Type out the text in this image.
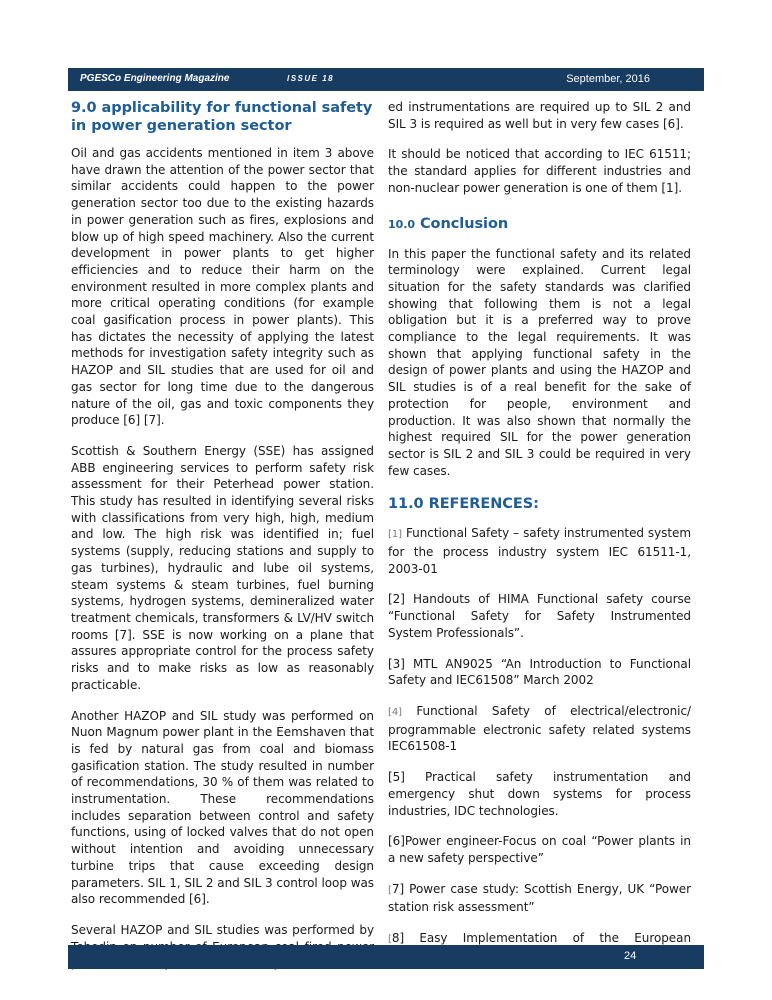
PGESCo Engineering Magazine	ISSUE 18	September, 2016
9.0 applicability for functional safety in power generation sector

Oil and gas accidents mentioned in item 3 above have drawn the attention of the power sector that similar accidents could happen to the power generation sector too due to the existing hazards in power generation such as fires, explosions and blow up of high speed machinery. Also the current development in power plants to get higher efficiencies and to reduce their harm on the environment resulted in more complex plants and more critical operating conditions (for example coal gasification process in power plants). This has dictates the necessity of applying the latest methods for investigation safety integrity such as HAZOP and SIL studies that are used for oil and gas sector for long time due to the dangerous nature of the oil, gas and toxic components they produce [6] [7].

Scottish & Southern Energy (SSE) has assigned ABB engineering services to perform safety risk assessment for their Peterhead power station. This study has resulted in identifying several risks with classifications from very high, high, medium and low. The high risk was identified in; fuel systems (supply, reducing stations and supply to gas turbines), hydraulic and lube oil systems, steam systems & steam turbines, fuel burning systems, hydrogen systems, demineralized water treatment chemicals, transformers & LV/HV switch rooms [7]. SSE is now working on a plane that assures appropriate control for the process safety risks and to make risks as low as reasonably practicable.

Another HAZOP and SIL study was performed on Nuon Magnum power plant in the Eemshaven that is fed by natural gas from coal and biomass gasification station. The study resulted in number of recommendations, 30 % of them was related to instrumentation. These recommendations includes separation between control and safety functions, using of locked valves that do not open without intention and avoiding unnecessary turbine trips that cause exceeding design parameters. SIL 1, SIL 2 and SIL 3 control loop was also recommended [6].

Several HAZOP and SIL studies was performed by

ed instrumentations are required up to SIL 2 and SIL 3 is required as well but in very few cases [6].

It should be noticed that according to IEC 61511; the standard applies for different industries and non-nuclear power generation is one of them [1].

10.0 Conclusion

In this paper the functional safety and its related terminology were explained. Current legal situation for the safety standards was clarified showing that following them is not a legal obligation but it is a preferred way to prove compliance to the legal requirements. It was shown that applying functional safety in the design of power plants and using the HAZOP and SIL studies is of a real benefit for the sake of protection for people, environment and production. It was also shown that normally the highest required SIL for the power generation sector is SIL 2 and SIL 3 could be required in very few cases.

11.0 REFERENCES:

[1] Functional Safety – safety instrumented system for the process industry system IEC 61511-1, 2003-01

[2] Handouts of HIMA Functional safety course “Functional Safety for Safety Instrumented System Professionals”.

[3] MTL AN9025 “An Introduction to Functional Safety and IEC61508” March 2002

[4] Functional Safety of electrical/electronic/ programmable electronic safety related systems IEC61508-1

[5] Practical safety instrumentation and emergency shut down systems for process industries, IDC technologies.

[6]Power engineer-Focus on coal “Power plants in a new safety perspective”

[7] Power case study: Scottish Energy, UK “Power station risk assessment”

[8] Easy Implementation of the European

24
